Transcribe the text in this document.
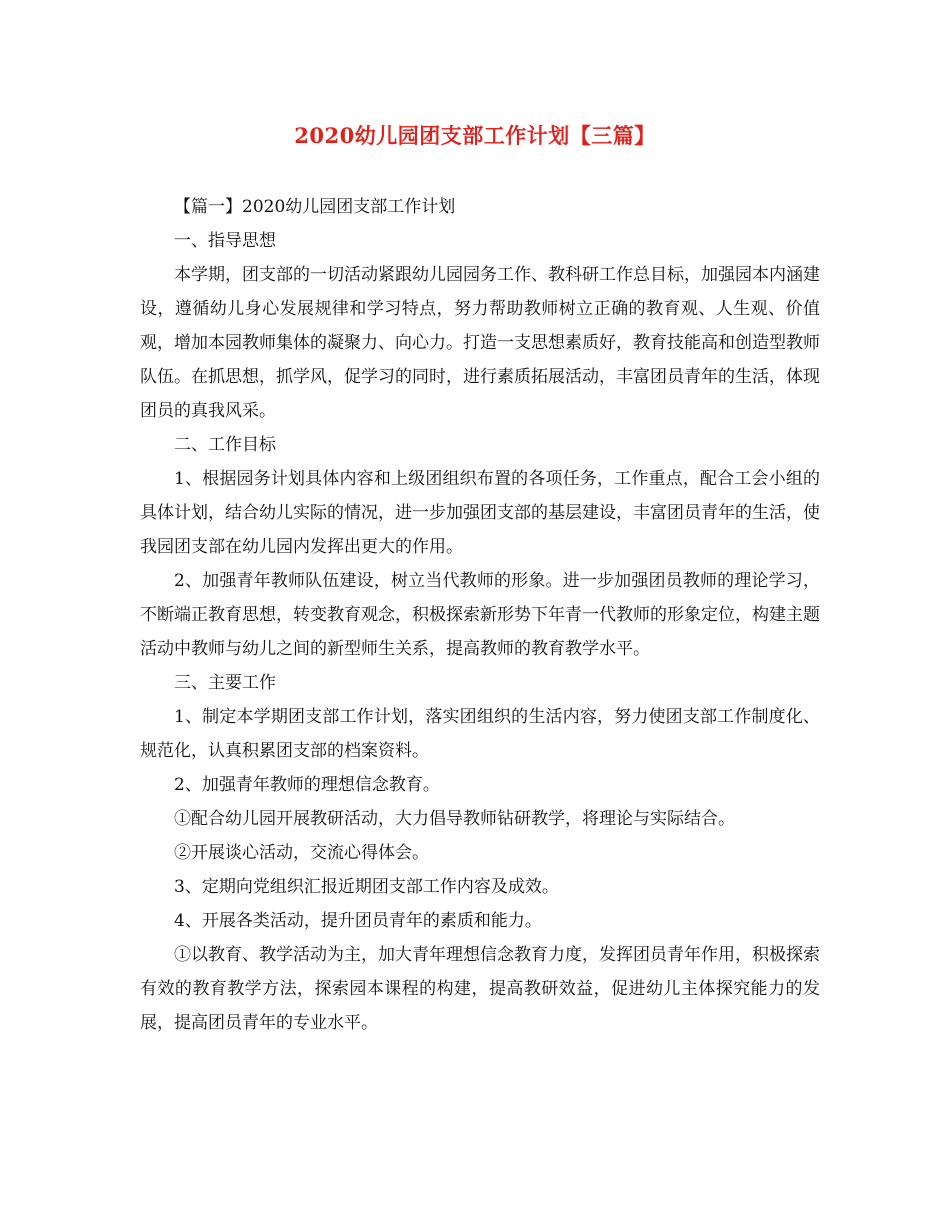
2020幼儿园团支部工作计划【三篇】

【篇一】2020幼儿园团支部工作计划

一、指导思想

本学期，团支部的一切活动紧跟幼儿园园务工作、教科研工作总目标，加强园本内涵建设，遵循幼儿身心发展规律和学习特点，努力帮助教师树立正确的教育观、人生观、价值观，增加本园教师集体的凝聚力、向心力。打造一支思想素质好，教育技能高和创造型教师队伍。在抓思想，抓学风，促学习的同时，进行素质拓展活动，丰富团员青年的生活，体现团员的真我风采。

二、工作目标

1、根据园务计划具体内容和上级团组织布置的各项任务，工作重点，配合工会小组的具体计划，结合幼儿实际的情况，进一步加强团支部的基层建设，丰富团员青年的生活，使我园团支部在幼儿园内发挥出更大的作用。

2、加强青年教师队伍建设，树立当代教师的形象。进一步加强团员教师的理论学习，不断端正教育思想，转变教育观念，积极探索新形势下年青一代教师的形象定位，构建主题活动中教师与幼儿之间的新型师生关系，提高教师的教育教学水平。

三、主要工作

1、制定本学期团支部工作计划，落实团组织的生活内容，努力使团支部工作制度化、规范化，认真积累团支部的档案资料。

2、加强青年教师的理想信念教育。

①配合幼儿园开展教研活动，大力倡导教师钻研教学，将理论与实际结合。

②开展谈心活动，交流心得体会。

3、定期向党组织汇报近期团支部工作内容及成效。

4、开展各类活动，提升团员青年的素质和能力。

①以教育、教学活动为主，加大青年理想信念教育力度，发挥团员青年作用，积极探索有效的教育教学方法，探索园本课程的构建，提高教研效益，促进幼儿主体探究能力的发展，提高团员青年的专业水平。
